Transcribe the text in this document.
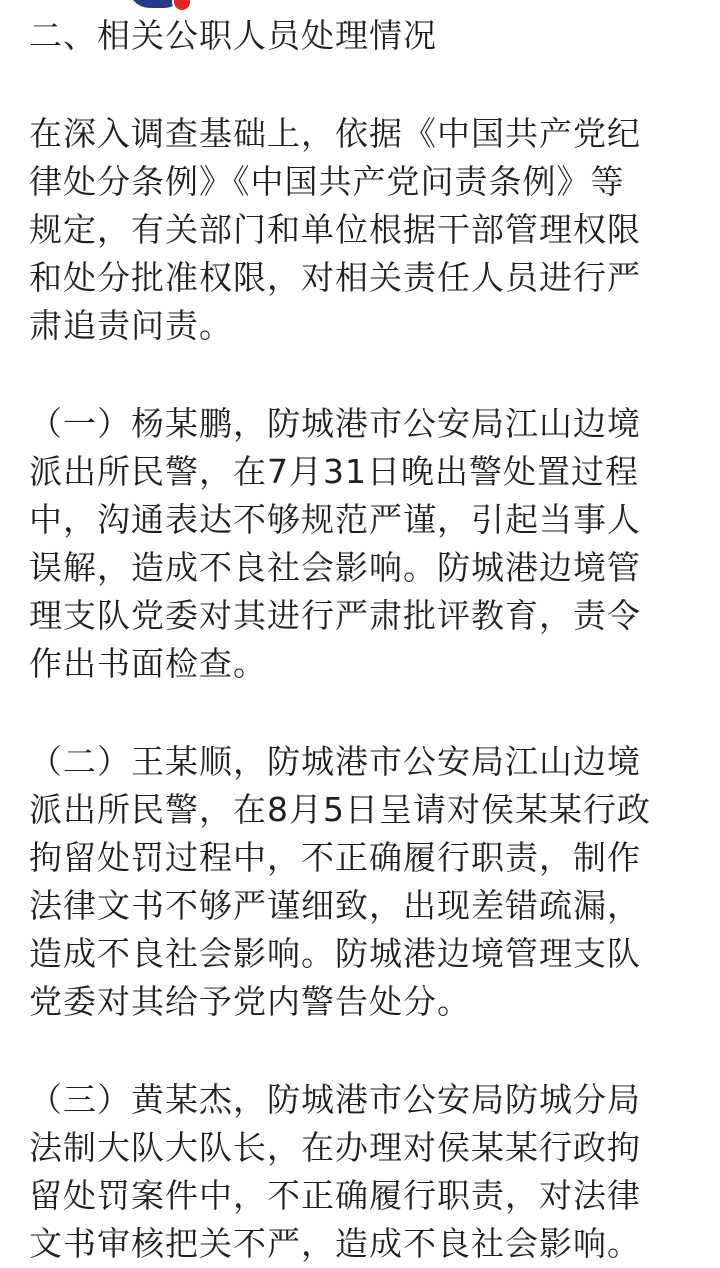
二、相关公职人员处理情况

在深入调查基础上，依据《中国共产党纪
律处分条例》《中国共产党问责条例》等
规定，有关部门和单位根据干部管理权限
和处分批准权限，对相关责任人员进行严
肃追责问责。

（一）杨某鹏，防城港市公安局江山边境
派出所民警，在7月31日晚出警处置过程
中，沟通表达不够规范严谨，引起当事人
误解，造成不良社会影响。防城港边境管
理支队党委对其进行严肃批评教育，责令
作出书面检查。

（二）王某顺，防城港市公安局江山边境
派出所民警，在8月5日呈请对侯某某行政
拘留处罚过程中，不正确履行职责，制作
法律文书不够严谨细致，出现差错疏漏，
造成不良社会影响。防城港边境管理支队
党委对其给予党内警告处分。

（三）黄某杰，防城港市公安局防城分局
法制大队大队长，在办理对侯某某行政拘
留处罚案件中，不正确履行职责，对法律
文书审核把关不严，造成不良社会影响。
